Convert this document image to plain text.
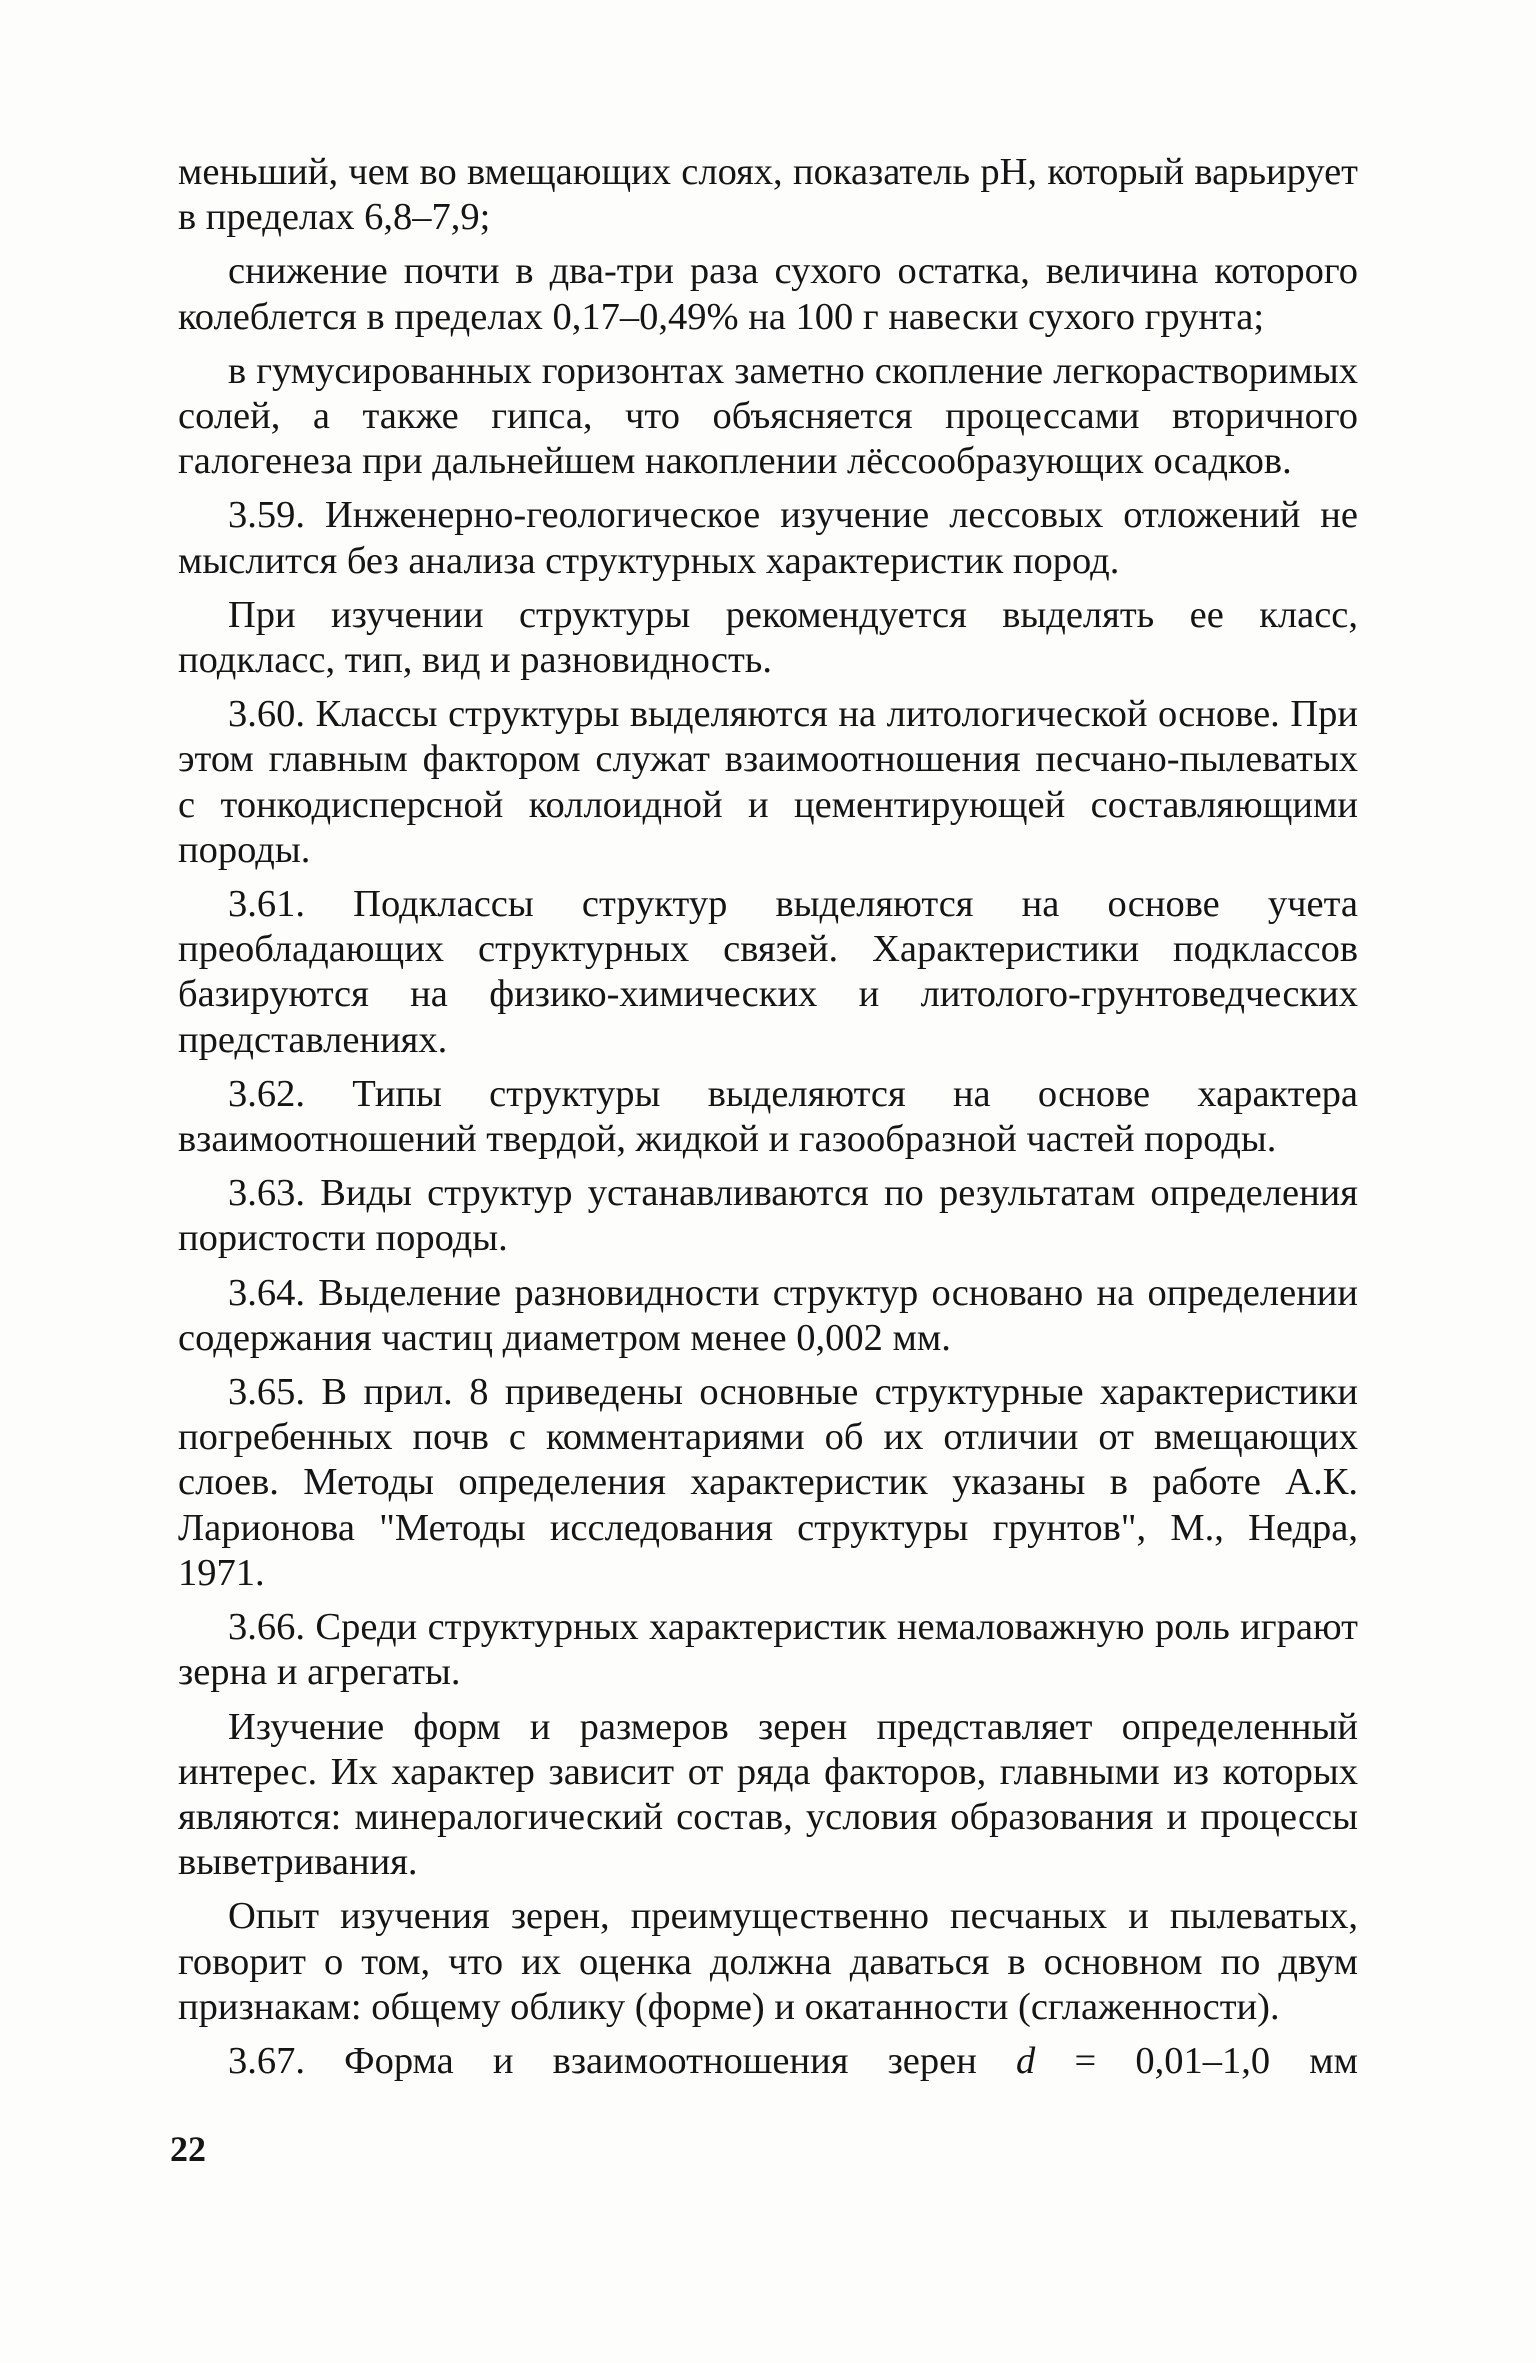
меньший, чем во вмещающих слоях, показатель рН, который варьирует в пределах 6,8–7,9;

снижение почти в два-три раза сухого остатка, величина которого колеблется в пределах 0,17–0,49% на 100 г навески сухого грунта;

в гумусированных горизонтах заметно скопление легкорастворимых солей, а также гипса, что объясняется процессами вторичного галогенеза при дальнейшем накоплении лёссообразующих осадков.

3.59. Инженерно-геологическое изучение лессовых отложений не мыслится без анализа структурных характеристик пород.

При изучении структуры рекомендуется выделять ее класс, подкласс, тип, вид и разновидность.

3.60. Классы структуры выделяются на литологической основе. При этом главным фактором служат взаимоотношения песчано-пылеватых с тонкодисперсной коллоидной и цементирующей составляющими породы.

3.61. Подклассы структур выделяются на основе учета преобладающих структурных связей. Характеристики подклассов базируются на физико-химических и литолого-грунтоведческих представлениях.

3.62. Типы структуры выделяются на основе характера взаимоотношений твердой, жидкой и газообразной частей породы.

3.63. Виды структур устанавливаются по результатам определения пористости породы.

3.64. Выделение разновидности структур основано на определении содержания частиц диаметром менее 0,002 мм.

3.65. В прил. 8 приведены основные структурные характеристики погребенных почв с комментариями об их отличии от вмещающих слоев. Методы определения характеристик указаны в работе А.К. Ларионова "Методы исследования структуры грунтов", М., Недра, 1971.

3.66. Среди структурных характеристик немаловажную роль играют зерна и агрегаты.

Изучение форм и размеров зерен представляет определенный интерес. Их характер зависит от ряда факторов, главными из которых являются: минералогический состав, условия образования и процессы выветривания.

Опыт изучения зерен, преимущественно песчаных и пылеватых, говорит о том, что их оценка должна даваться в основном по двум признакам: общему облику (форме) и окатанности (сглаженности).

3.67. Форма и взаимоотношения зерен d = 0,01–1,0 мм

22
